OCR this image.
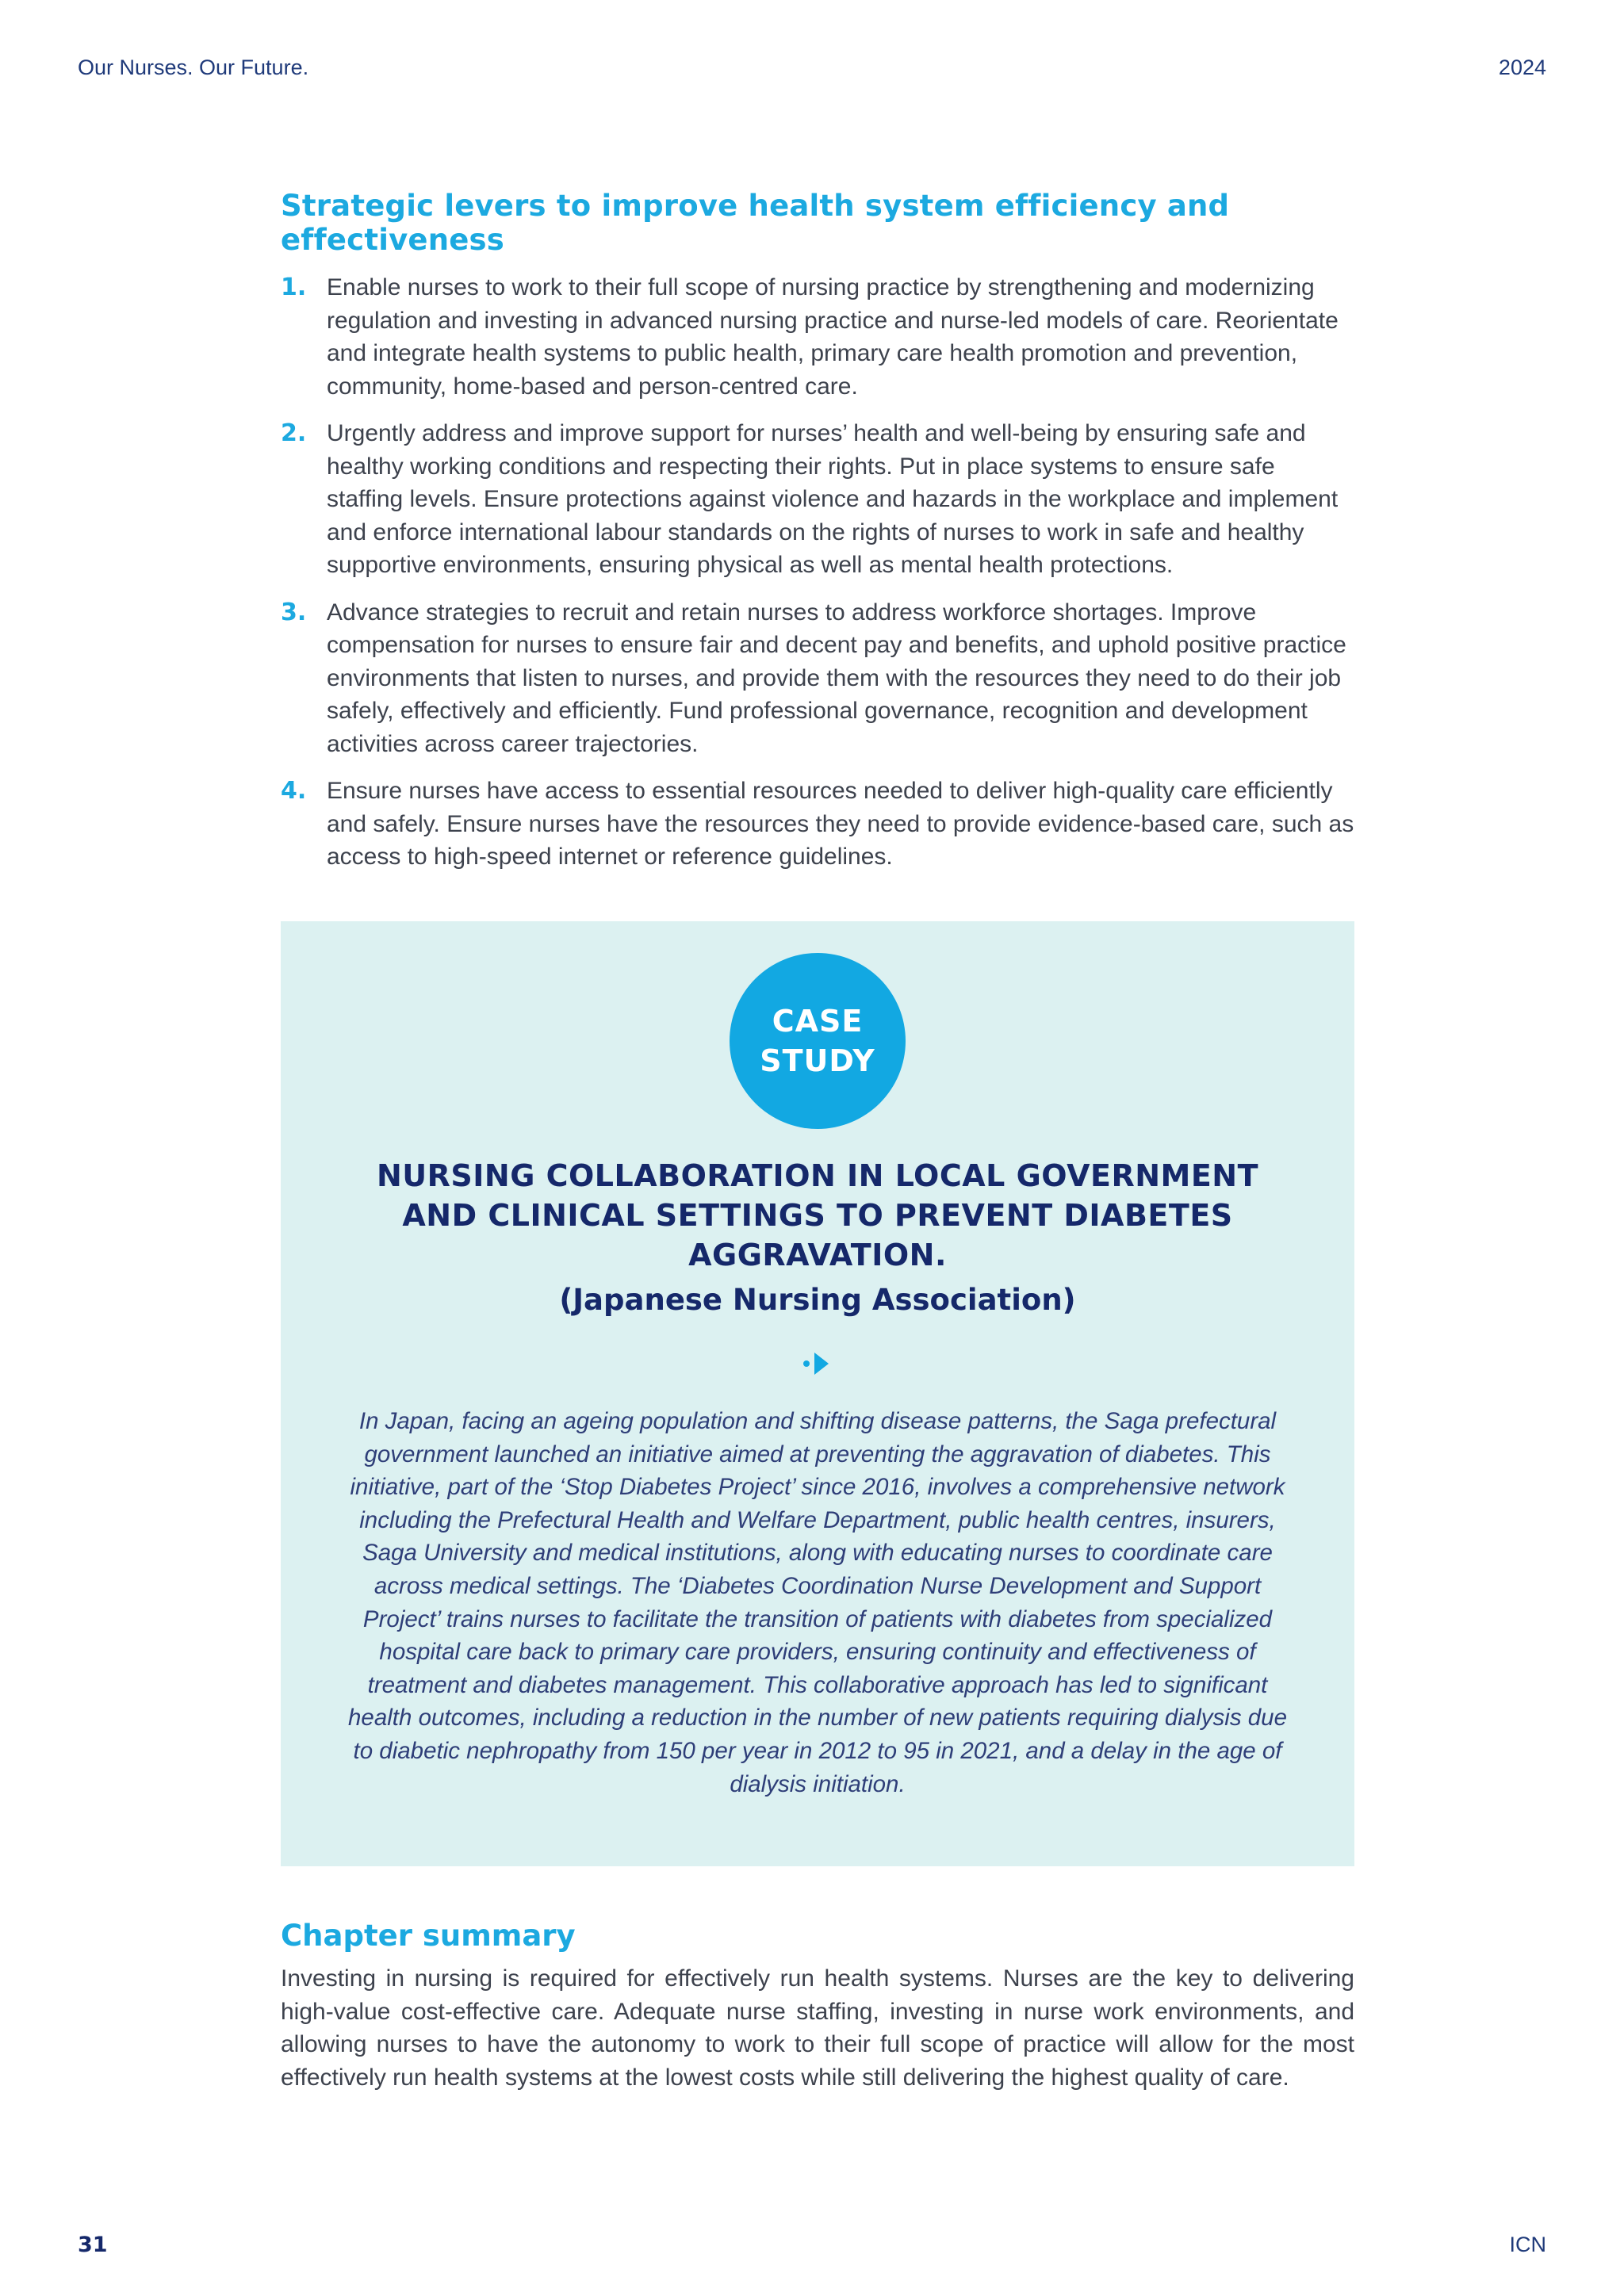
Our Nurses. Our Future.	2024
Strategic levers to improve health system efficiency and effectiveness
1. Enable nurses to work to their full scope of nursing practice by strengthening and modernizing regulation and investing in advanced nursing practice and nurse-led models of care. Reorientate and integrate health systems to public health, primary care health promotion and prevention, community, home-based and person-centred care.
2. Urgently address and improve support for nurses’ health and well-being by ensuring safe and healthy working conditions and respecting their rights. Put in place systems to ensure safe staffing levels. Ensure protections against violence and hazards in the workplace and implement and enforce international labour standards on the rights of nurses to work in safe and healthy supportive environments, ensuring physical as well as mental health protections.
3. Advance strategies to recruit and retain nurses to address workforce shortages. Improve compensation for nurses to ensure fair and decent pay and benefits, and uphold positive practice environments that listen to nurses, and provide them with the resources they need to do their job safely, effectively and efficiently. Fund professional governance, recognition and development activities across career trajectories.
4. Ensure nurses have access to essential resources needed to deliver high-quality care efficiently and safely. Ensure nurses have the resources they need to provide evidence-based care, such as access to high-speed internet or reference guidelines.
CASE
STUDY
NURSING COLLABORATION IN LOCAL GOVERNMENT AND CLINICAL SETTINGS TO PREVENT DIABETES AGGRAVATION.
(Japanese Nursing Association)
In Japan, facing an ageing population and shifting disease patterns, the Saga prefectural government launched an initiative aimed at preventing the aggravation of diabetes. This initiative, part of the ‘Stop Diabetes Project’ since 2016, involves a comprehensive network including the Prefectural Health and Welfare Department, public health centres, insurers, Saga University and medical institutions, along with educating nurses to coordinate care across medical settings. The ‘Diabetes Coordination Nurse Development and Support Project’ trains nurses to facilitate the transition of patients with diabetes from specialized hospital care back to primary care providers, ensuring continuity and effectiveness of treatment and diabetes management. This collaborative approach has led to significant health outcomes, including a reduction in the number of new patients requiring dialysis due to diabetic nephropathy from 150 per year in 2012 to 95 in 2021, and a delay in the age of dialysis initiation.
Chapter summary

Investing in nursing is required for effectively run health systems. Nurses are the key to delivering high-value cost-effective care. Adequate nurse staffing, investing in nurse work environments, and allowing nurses to have the autonomy to work to their full scope of practice will allow for the most effectively run health systems at the lowest costs while still delivering the highest quality of care.

31	ICN
